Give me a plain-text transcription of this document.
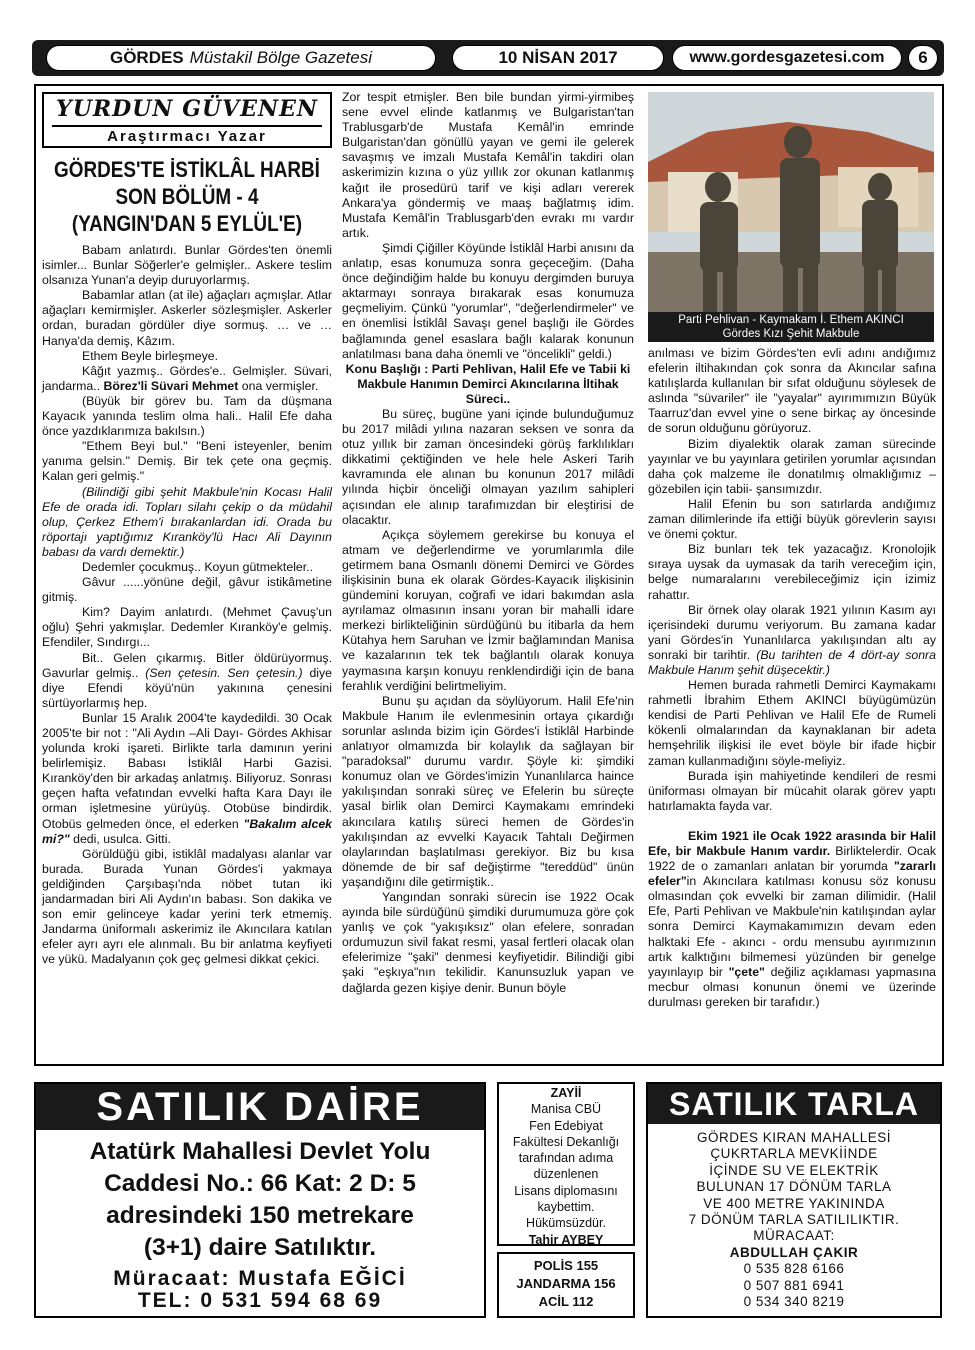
GÖRDES Müstakil Bölge Gazetesi	10 NİSAN 2017	www.gordesgazetesi.com	6
YURDUN GÜVENEN
Araştırmacı Yazar
GÖRDES'TE İSTİKLÂL HARBİ
SON BÖLÜM - 4
(YANGIN'DAN 5 EYLÜL'E)

Babam anlatırdı. Bunlar Gördes'ten önemli isimler... Bunlar Söğerler'e gelmişler.. Askere teslim olsanıza Yunan'a deyip duruyorlarmış.

Babamlar atlan (at ile) ağaçları açmışlar. Atlar ağaçları kemirmişler. Askerler sözleşmişler. Askerler ordan, buradan gördüler diye sormuş. … ve … Hanya'da demiş, Kâzım.

Ethem Beyle birleşmeye.

Kâğıt yazmış.. Gördes'e.. Gelmişler. Süvari, jandarma.. Börez'li Süvari Mehmet ona vermişler.

(Büyük bir görev bu. Tam da düşmana Kayacık yanında teslim olma hali.. Halil Efe daha önce yazdıklarımıza bakılsın.)

"Ethem Beyi bul." "Beni isteyenler, benim yanıma gelsin." Demiş. Bir tek çete ona geçmiş. Kalan geri gelmiş."

(Bilindiği gibi şehit Makbule'nin Kocası Halil Efe de orada idi. Topları silahı çekip o da müdahil olup, Çerkez Ethem'i bırakanlardan idi. Orada bu röportajı yaptığımız Kıranköy'lü Hacı Ali Dayının babası da vardı demektir.)

Dedemler çocukmuş.. Koyun gütmekteler..

Gâvur ......yönüne değil, gâvur istikâmetine gitmiş.

Kim? Dayim anlatırdı. (Mehmet Çavuş'un oğlu) Şehri yakmışlar. Dedemler Kıranköy'e gelmiş. Efendiler, Sındırgı...

Bit.. Gelen çıkarmış. Bitler öldürüyormuş. Gavurlar gelmiş.. (Sen çetesin. Sen çetesin.) diye diye Efendi köyü'nün yakınına çenesini sürtüyorlarmış hep.

Bunlar 15 Aralık 2004'te kaydedildi. 30 Ocak 2005'te bir not : "Ali Aydın –Ali Dayı- Gördes Akhisar yolunda kroki işareti. Birlikte tarla damının yerini belirlemişiz. Babası İstiklâl Harbi Gazisi. Kıranköy'den bir arkadaş anlatmış. Biliyoruz. Sonrası geçen hafta vefatından evvelki hafta Kara Dayı ile orman işletmesine yürüyüş. Otobüse bindirdik. Otobüs gelmeden önce, el ederken "Bakalım alcek mi?" dedi, usulca. Gitti.

Görüldüğü gibi, istiklâl madalyası alanlar var burada. Burada Yunan Gördes'i yakmaya geldiğinden Çarşıbaşı'nda nöbet tutan iki jandarmadan biri Ali Aydın'ın babası. Son dakika ve son emir gelinceye kadar yerini terk etmemiş. Jandarma üniformalı askerimiz ile Akıncılara katılan efeler ayrı ayrı ele alınmalı. Bu bir anlatma keyfiyeti ve yükü. Madalyanın çok geç gelmesi dikkat çekici.

Zor tespit etmişler. Ben bile bundan yirmi-yirmibeş sene evvel elinde katlanmış ve Bulgaristan'tan Trablusgarb'de Mustafa Kemâl'in emrinde Bulgaristan'dan gönüllü yayan ve gemi ile gelerek savaşmış ve imzalı Mustafa Kemâl'in takdiri olan askerimizin kızına o yüz yıllık zor okunan katlanmış kağıt ile prosedürü tarif ve kişi adları vererek Ankara'ya göndermiş ve maaş bağlatmış idim. Mustafa Kemâl'in Trablusgarb'den evrakı mı vardır artık.

Şimdi Çiğiller Köyünde İstiklâl Harbi anısını da anlatıp, esas konumuza sonra geçeceğim. (Daha önce değindiğim halde bu konuyu dergimden buruya aktarmayı sonraya bırakarak esas konumuza geçmeliyim. Çünkü "yorumlar", "değerlendirmeler" ve en önemlisi İstiklâl Savaşı genel başlığı ile Gördes bağlamında genel esaslara bağlı kalarak konunun anlatılması bana daha önemli ve "öncelikli" geldi.)

Konu Başlığı : Parti Pehlivan, Halil Efe ve Tabii ki Makbule Hanımın Demirci Akıncılarına İltihak Süreci..

Bu süreç, bugüne yani içinde bulunduğumuz bu 2017 milâdi yılına nazaran seksen ve sonra da otuz yıllık bir zaman öncesindeki görüş farklılıkları dikkatimi çektiğinden ve hele hele Askeri Tarih kavramında ele alınan bu konunun 2017 milâdi yılında hiçbir önceliği olmayan yazılım sahipleri açısından ele alınıp tarafımızdan bir eleştirisi de olacaktır.

Açıkça söylemem gerekirse bu konuya el atmam ve değerlendirme ve yorumlarımla dile getirmem bana Osmanlı dönemi Demirci ve Gördes ilişkisinin buna ek olarak Gördes-Kayacık ilişkisinin gündemini koruyan, coğrafi ve idari bakımdan asla ayrılamaz olmasının insanı yoran bir mahalli idare merkezi birlikteliğinin sürdüğünü bu itibarla da hem Kütahya hem Saruhan ve İzmir bağlamından Manisa ve kazalarının tek tek bağlantılı olarak konuya yaymasına karşın konuyu renklendirdiği için de bana ferahlık verdiğini belirtmeliyim.

Bunu şu açıdan da söylüyorum. Halil Efe'nin Makbule Hanım ile evlenmesinin ortaya çıkardığı sorunlar aslında bizim için Gördes'i İstiklâl Harbinde anlatıyor olmamızda bir kolaylık da sağlayan bir "paradoksal" durumu vardır. Şöyle ki: şimdiki konumuz olan ve Gördes'imizin Yunanlılarca haince yakılışından sonraki süreç ve Efelerin bu süreçte yasal birlik olan Demirci Kaymakamı emrindeki akıncılara katılış süreci hemen de Gördes'in yakılışından az evvelki Kayacık Tahtalı Değirmen olaylarından başlatılması gerekiyor. Biz bu kısa dönemde de bir saf değiştirme "tereddüd" ünün yaşandığını dile getirmiştik..

Yangından sonraki sürecin ise 1922 Ocak ayında bile sürdüğünü şimdiki durumumuza göre çok yanlış ve çok "yakışıksız" olan efelere, sonradan ordumuzun sivil fakat resmi, yasal fertleri olacak olan efelerimize "şaki" denmesi keyfiyetidir. Bilindiği gibi şaki "eşkıya"nın tekilidir. Kanunsuzluk yapan ve dağlarda gezen kişiye denir. Bunun böyle

Parti Pehlivan - Kaymakam İ. Ethem AKINCI
Gördes Kızı Şehit Makbule

anılması ve bizim Gördes'ten evli adını andığımız efelerin iltihakından çok sonra da Akıncılar safına katılışlarda kullanılan bir sıfat olduğunu söylesek de aslında "süvariler" ile "yayalar" ayırımımızın Büyük Taarruz'dan evvel yine o sene birkaç ay öncesinde de sorun olduğunu görüyoruz.

Bizim diyalektik olarak zaman sürecinde yayınlar ve bu yayınlara getirilen yorumlar açısından daha çok malzeme ile donatılmış olmaklığımız –gözebilen için tabii- şansımızdır.

Halil Efenin bu son satırlarda andığımız zaman dilimlerinde ifa ettiği büyük görevlerin sayısı ve önemi çoktur.

Biz bunları tek tek yazacağız. Kronolojik sıraya uysak da uymasak da tarih vereceğim için, belge numaralarını verebileceğimiz için izimiz rahattır.

Bir örnek olay olarak 1921 yılının Kasım ayı içerisindeki durumu veriyorum. Bu zamana kadar yani Gördes'in Yunanlılarca yakılışından altı ay sonraki bir tarihtir. (Bu tarihten de 4 dört-ay sonra Makbule Hanım şehit düşecektir.)

Hemen burada rahmetli Demirci Kaymakamı rahmetli İbrahim Ethem AKINCI büyügümüzün kendisi de Parti Pehlivan ve Halil Efe de Rumeli kökenli olmalarından da kaynaklanan bir adeta hemşehrilik ilişkisi ile evet böyle bir ifade hiçbir zaman kullanmadığını söyle-meliyiz.

Burada işin mahiyetinde kendileri de resmi üniforması olmayan bir mücahit olarak görev yaptı hatırlamakta fayda var.

Ekim 1921 ile Ocak 1922 arasında bir Halil Efe, bir Makbule Hanım vardır. Birliktelerdir. Ocak 1922 de o zamanları anlatan bir yorumda "zararlı efeler"in Akıncılara katılması konusu söz konusu olmasından çok evvelki bir zaman dilimidir. (Halil Efe, Parti Pehlivan ve Makbule'nin katılışından aylar sonra Demirci Kaymakamımızın devam eden halktaki Efe - akıncı - ordu mensubu ayırımızının artık kalktığını bilmemesi yüzünden bir genelge yayınlayıp bir "çete" değiliz açıklaması yapmasına mecbur olması konunun önemi ve üzerinde durulması gereken bir tarafıdır.)

SATILIK DAİRE
Atatürk Mahallesi Devlet Yolu
Caddesi No.: 66 Kat: 2 D: 5
adresindeki 150 metrekare
(3+1) daire Satılıktır.
Müracaat: Mustafa EĞİCİ
TEL: 0 531 594 68 69
ZAYİİ
Manisa CBÜ
Fen Edebiyat
Fakültesi Dekanlığı
tarafından adıma
düzenlenen
Lisans diplomasını
kaybettim.
Hükümsüzdür.
Tahir AYBEY
POLİS 155
JANDARMA 156
ACİL 112
SATILIK TARLA
GÖRDES KIRAN MAHALLESİ
ÇUKRTARLA MEVKİİNDE
İÇİNDE SU VE ELEKTRİK
BULUNAN 17 DÖNÜM TARLA
VE 400 METRE YAKININDA
7 DÖNÜM TARLA SATILILIKTIR.
MÜRACAAT:
ABDULLAH ÇAKIR
0 535 828 6166
0 507 881 6941
0 534 340 8219
